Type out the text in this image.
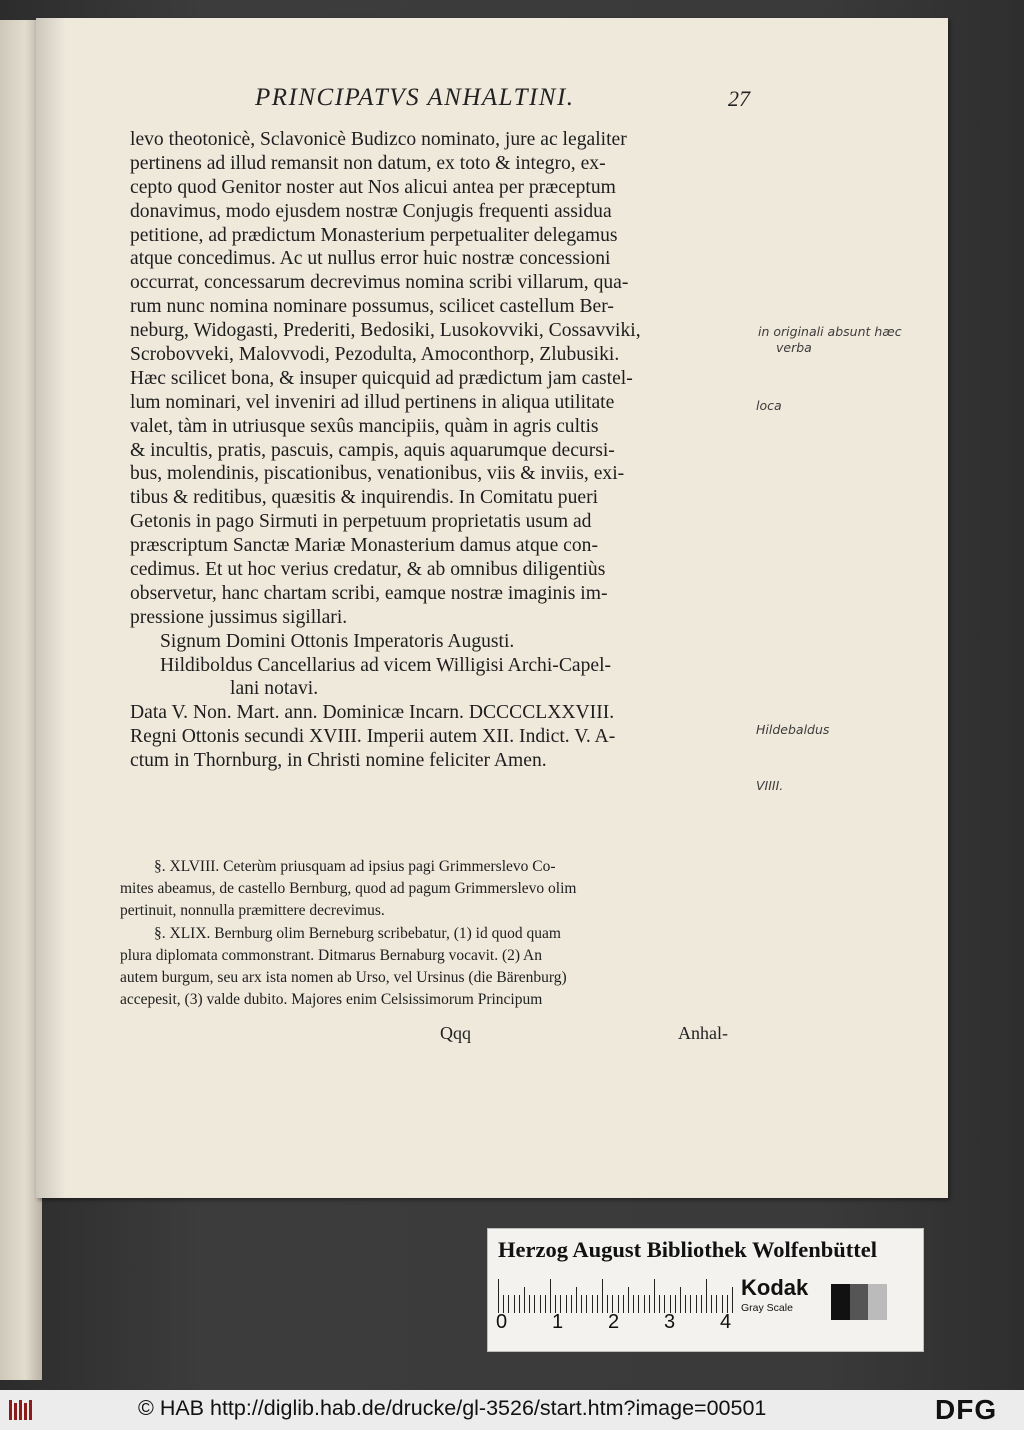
PRINCIPATVS ANHALTINI.	27
levo theotonicè, Sclavonicè Budizco nominato, jure ac legaliter
pertinens ad illud remansit non datum, ex toto & integro, ex-
cepto quod Genitor noster aut Nos alicui antea per præceptum
donavimus, modo ejusdem nostræ Conjugis frequenti assidua
petitione, ad prædictum Monasterium perpetualiter delegamus
atque concedimus. Ac ut nullus error huic nostræ concessioni
occurrat, concessarum decrevimus nomina scribi villarum, qua-
rum nunc nomina nominare possumus, scilicet castellum Ber-
neburg, Widogasti, Prederiti, Bedosiki, Lusokovviki, Cossavviki,
Scrobovveki, Malovvodi, Pezodulta, Amoconthorp, Zlubusiki.
Hæc scilicet bona, & insuper quicquid ad prædictum jam castel-
lum nominari, vel inveniri ad illud pertinens in aliqua utilitate
valet, tàm in utriusque sexûs mancipiis, quàm in agris cultis
& incultis, pratis, pascuis, campis, aquis aquarumque decursi-
bus, molendinis, piscationibus, venationibus, viis & inviis, exi-
tibus & reditibus, quæsitis & inquirendis. In Comitatu pueri
Getonis in pago Sirmuti in perpetuum proprietatis usum ad
præscriptum Sanctæ Mariæ Monasterium damus atque con-
cedimus. Et ut hoc verius credatur, & ab omnibus diligentiùs
observetur, hanc chartam scribi, eamque nostræ imaginis im-
pressione jussimus sigillari.
Signum Domini Ottonis Imperatoris Augusti.
Hildiboldus Cancellarius ad vicem Willigisi Archi-Capel-
lani notavi.
Data V. Non. Mart. ann. Dominicæ Incarn. DCCCCLXXVIII.
Regni Ottonis secundi XVIII. Imperii autem XII. Indict. V. A-
ctum in Thornburg, in Christi nomine feliciter Amen.
§. XLVIII. Ceterùm priusquam ad ipsius pagi Grimmerslevo Co-
mites abeamus, de castello Bernburg, quod ad pagum Grimmerslevo olim
pertinuit, nonnulla præmittere decrevimus.
§. XLIX. Bernburg olim Berneburg scribebatur, (1) id quod quam
plura diplomata commonstrant. Ditmarus Bernaburg vocavit. (2) An
autem burgum, seu arx ista nomen ab Urso, vel Ursinus (die Bärenburg)
accepesit, (3) valde dubito. Majores enim Celsissimorum Principum
Qqq	Anhal-
in originali absunt hæc
verba
loca
Hildebaldus
VIIII.
Herzog August Bibliothek Wolfenbüttel
0 1 2 3 4
Kodak
Gray Scale
© HAB http://diglib.hab.de/drucke/gl-3526/start.htm?image=00501	DFG
